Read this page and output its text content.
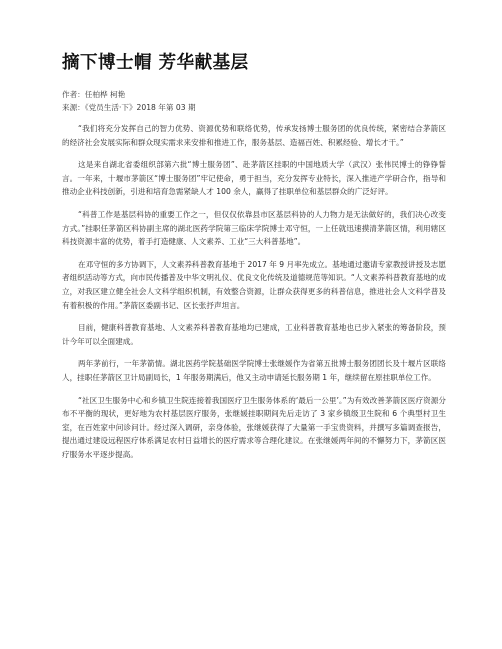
摘下博士帽 芳华献基层
作者：任柏桦 柯艳
来源：《党员生活·下》2018 年第 03 期

“我们将充分发挥自己的智力优势、资源优势和联络优势，传承发扬博士服务团的优良传统，紧密结合茅箭区的经济社会发展实际和群众现实需求来安排和推进工作，服务基层、造福百姓、积累经验、增长才干。”

这是来自湖北省委组织部第六批“博士服务团”、赴茅箭区挂职的中国地质大学（武汉）张伟民博士的铮铮誓言。一年来，十堰市茅箭区“博士服务团”牢记使命，勇于担当，充分发挥专业特长，深入推进产学研合作，指导和推动企业科技创新，引进和培育急需紧缺人才 100 余人，赢得了挂职单位和基层群众的广泛好评。

“科普工作是基层科协的重要工作之一，但仅仅依靠县市区基层科协的人力物力是无法做好的，我们决心改变方式。”挂职任茅箭区科协副主席的湖北医药学院第三临床学院博士邓守恒，一上任就迅速摸清茅箭区情，利用辖区科技资源丰富的优势，着手打造健康、人文素养、工业“三大科普基地”。

在邓守恒的多方协调下，人文素养科普教育基地于 2017 年 9 月率先成立。基地通过邀请专家教授讲授及志愿者组织活动等方式，向市民传播普及中华文明礼仪、优良文化传统及道德规范等知识。“人文素养科普教育基地的成立，对我区建立健全社会人文科学组织机制，有效整合资源，让群众获得更多的科普信息，推进社会人文科学普及有着积极的作用。”茅箭区委副书记、区长张抒声坦言。

目前，健康科普教育基地、人文素养科普教育基地均已建成，工业科普教育基地也已步入紧张的筹备阶段，预计今年可以全面建成。

两年茅前行，一年茅箭情。湖北医药学院基础医学院博士张继媛作为省第五批博士服务团团长及十堰片区联络人，挂职任茅箭区卫计局副局长，1 年服务期满后，他又主动申请延长服务期 1 年，继续留在原挂职单位工作。

“社区卫生服务中心和乡镇卫生院连接着我国医疗卫生服务体系的‘最后一公里’。”为有效改善茅箭区医疗资源分布不平衡的现状，更好地为农村基层医疗服务，张继媛挂职期间先后走访了 3 家乡镇级卫生院和 6 个典型村卫生室，在百姓家中问诊问计。经过深入调研，亲身体验，张继媛获得了大量第一手宝贵资料，并撰写多篇调查报告，提出通过建设远程医疗体系满足农村日益增长的医疗需求等合理化建议。在张继媛两年间的不懈努力下，茅箭区医疗服务水平逐步提高。
